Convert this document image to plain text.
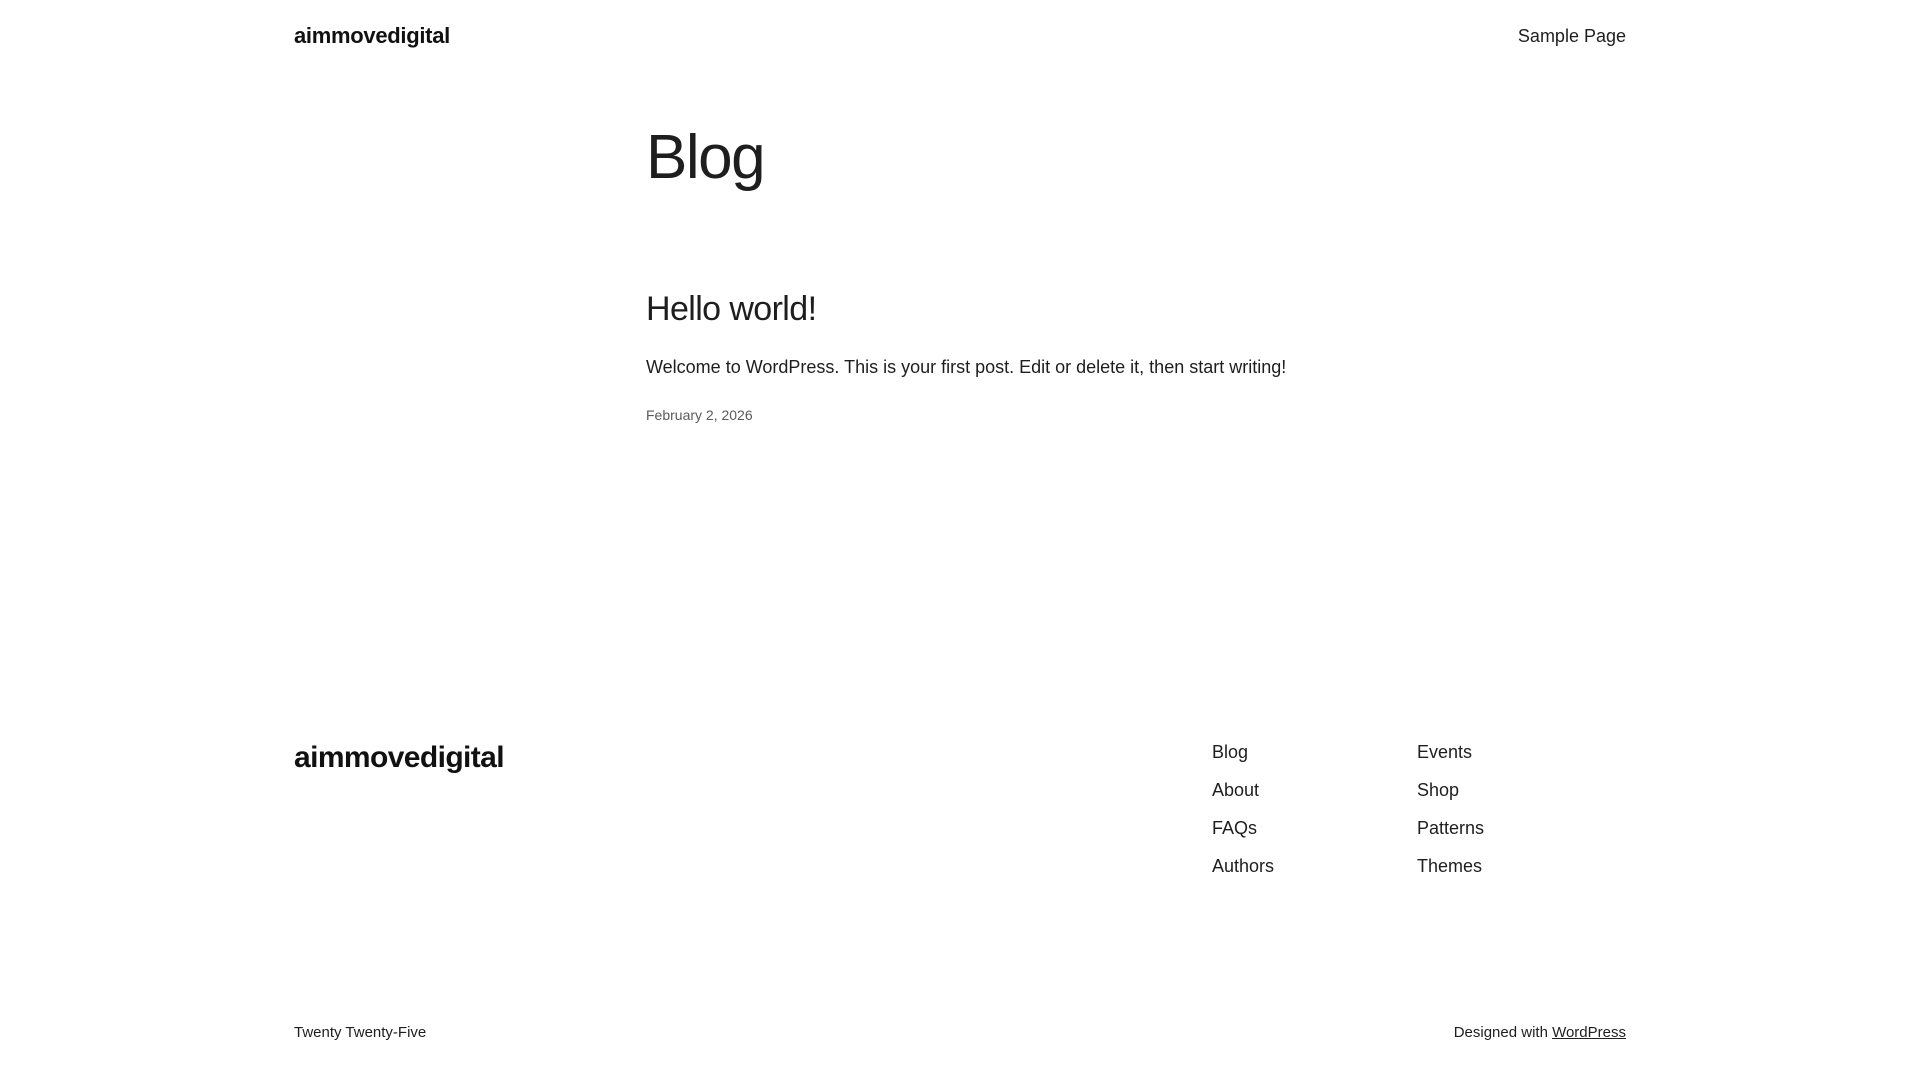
aimmovedigital	Sample Page
Blog
Hello world!

Welcome to WordPress. This is your first post. Edit or delete it, then start writing!

February 2, 2026
aimmovedigital	Blog
About
FAQs
Authors
Events
Shop
Patterns
Themes
Twenty Twenty-Five	Designed with WordPress
